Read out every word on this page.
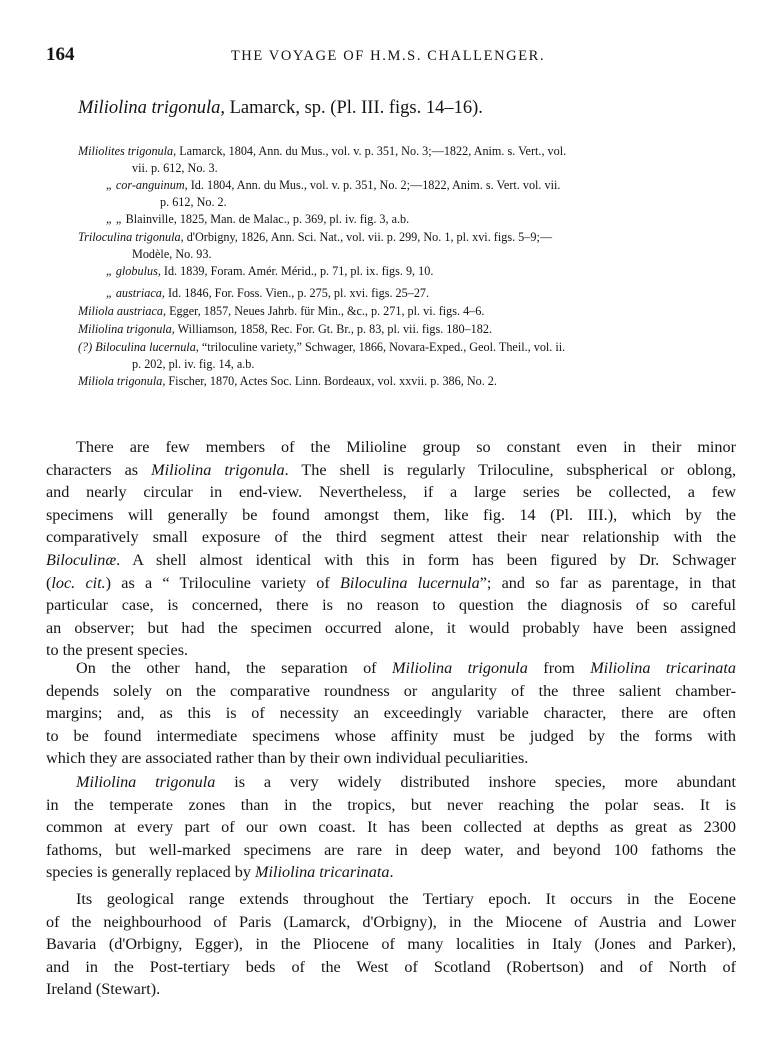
164	THE VOYAGE OF H.M.S. CHALLENGER.
Miliolina trigonula, Lamarck, sp. (Pl. III. figs. 14–16).
Miliolites trigonula, Lamarck, 1804, Ann. du Mus., vol. v. p. 351, No. 3;—1822, Anim. s. Vert., vol.
vii. p. 612, No. 3.
„ cor-anguinum, Id. 1804, Ann. du Mus., vol. v. p. 351, No. 2;—1822, Anim. s. Vert. vol. vii.
p. 612, No. 2.
„ „ Blainville, 1825, Man. de Malac., p. 369, pl. iv. fig. 3, a.b.
Triloculina trigonula, d'Orbigny, 1826, Ann. Sci. Nat., vol. vii. p. 299, No. 1, pl. xvi. figs. 5–9;—
Modèle, No. 93.
„ globulus, Id. 1839, Foram. Amér. Mérid., p. 71, pl. ix. figs. 9, 10.
„ austriaca, Id. 1846, For. Foss. Vien., p. 275, pl. xvi. figs. 25–27.
Miliola austriaca, Egger, 1857, Neues Jahrb. für Min., &c., p. 271, pl. vi. figs. 4–6.
Miliolina trigonula, Williamson, 1858, Rec. For. Gt. Br., p. 83, pl. vii. figs. 180–182.
(?) Biloculina lucernula, “triloculine variety,” Schwager, 1866, Novara-Exped., Geol. Theil., vol. ii.
p. 202, pl. iv. fig. 14, a.b.
Miliola trigonula, Fischer, 1870, Actes Soc. Linn. Bordeaux, vol. xxvii. p. 386, No. 2.
There are few members of the Milioline group so constant even in their minor
characters as Miliolina trigonula. The shell is regularly Triloculine, subspherical or oblong,
and nearly circular in end-view. Nevertheless, if a large series be collected, a few
specimens will generally be found amongst them, like fig. 14 (Pl. III.), which by the
comparatively small exposure of the third segment attest their near relationship with the
Biloculinæ. A shell almost identical with this in form has been figured by Dr. Schwager
(loc. cit.) as a “ Triloculine variety of Biloculina lucernula”; and so far as parentage, in that
particular case, is concerned, there is no reason to question the diagnosis of so careful
an observer; but had the specimen occurred alone, it would probably have been assigned
to the present species.
On the other hand, the separation of Miliolina trigonula from Miliolina tricarinata
depends solely on the comparative roundness or angularity of the three salient chamber-
margins; and, as this is of necessity an exceedingly variable character, there are often
to be found intermediate specimens whose affinity must be judged by the forms with
which they are associated rather than by their own individual peculiarities.
Miliolina trigonula is a very widely distributed inshore species, more abundant
in the temperate zones than in the tropics, but never reaching the polar seas. It is
common at every part of our own coast. It has been collected at depths as great as 2300
fathoms, but well-marked specimens are rare in deep water, and beyond 100 fathoms the
species is generally replaced by Miliolina tricarinata.
Its geological range extends throughout the Tertiary epoch. It occurs in the Eocene
of the neighbourhood of Paris (Lamarck, d'Orbigny), in the Miocene of Austria and Lower
Bavaria (d'Orbigny, Egger), in the Pliocene of many localities in Italy (Jones and Parker),
and in the Post-tertiary beds of the West of Scotland (Robertson) and of North of
Ireland (Stewart).
